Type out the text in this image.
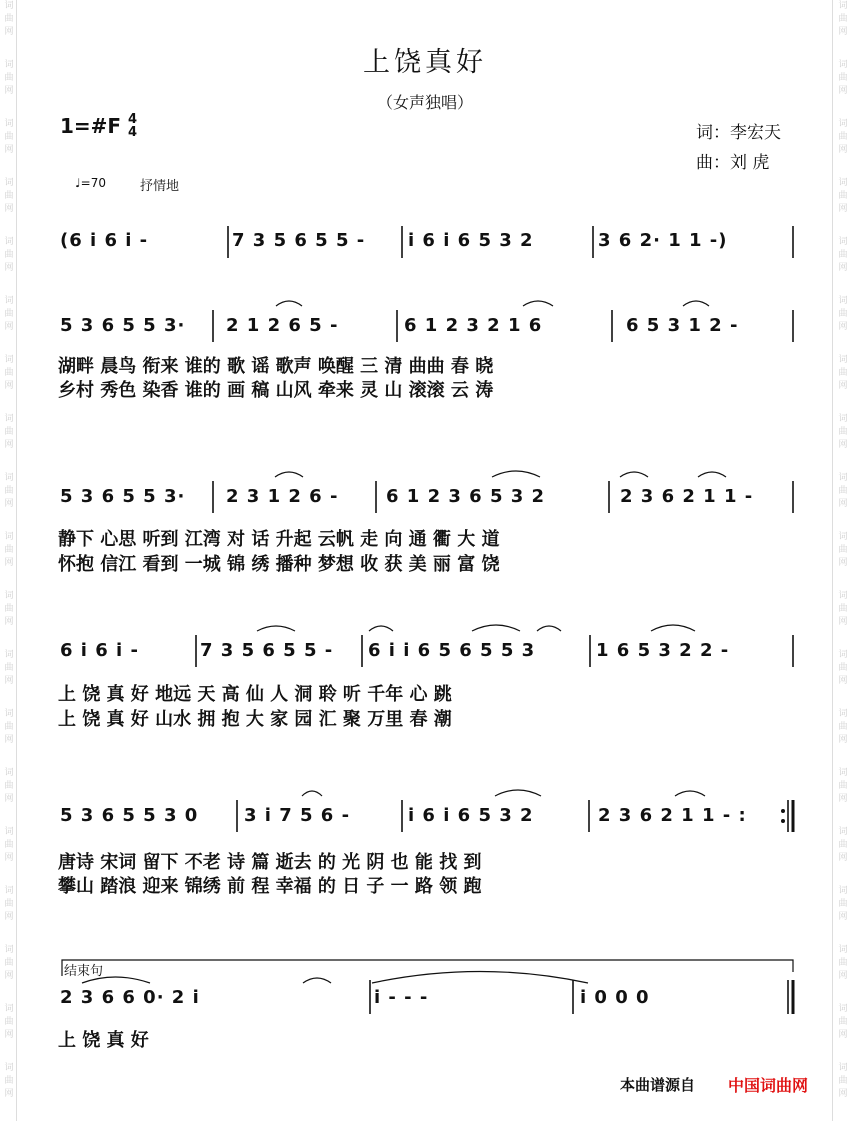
词
曲
网
词
曲
网
词
曲
网
词
曲
网
词
曲
网
词
曲
网
词
曲
网
词
曲
网
词
曲
网
词
曲
网
词
曲
网
词
曲
网
词
曲
网
词
曲
网
词
曲
网
词
曲
网
词
曲
网
词
曲
网
词
曲
网
词
曲
网
词
曲
网
词
曲
网
词
曲
网
词
曲
网
词
曲
网
词
曲
网
词
曲
网
词
曲
网
词
曲
网
词
曲
网
词
曲
网
词
曲
网
词
曲
网
词
曲
网
词
曲
网
词
曲
网
词
曲
网
词
曲
网
上饶真好
（女声独唱）
1=#F 4
4	词：李宏天
曲：刘 虎
♩=70	抒情地
(6 i 6 i -	7 3 5 6 5 5 - i 6 i 6 5 3 2	3 6 2· 1 1 -)
5 3 6 5 5 3· 2 1 2 6 5 -	6 1 2 3 2 1 6	6 5 3 1 2 -
湖畔 晨鸟 衔来 谁的 歌 谣 歌声 唤醒 三 清 曲曲 春 晓
乡村 秀色 染香 谁的 画 稿 山风 牵来 灵 山 滚滚 云 涛
5 3 6 5 5 3· 2 3 1 2 6 -	6 1 2 3 6 5 3 2	2 3 6 2 1 1 -
静下 心思 听到 江湾 对 话 升起 云帆 走 向 通 衢 大 道
怀抱 信江 看到 一城 锦 绣 播种 梦想 收 获 美 丽 富 饶
6 i 6 i -	7 3 5 6 5 5 - 6 i i 6 5 6 5 5 3	1 6 5 3 2 2 -
上 饶 真 好 地远 天 高 仙 人 洞 聆 听 千年 心 跳
上 饶 真 好 山水 拥 抱 大 家 园 汇 聚 万里 春 潮
5 3 6 5 5 3 0	3 i 7 5 6 -	i 6 i 6 5 3 2	2 3 6 2 1 1 - :
唐诗 宋词 留下 不老 诗 篇 逝去 的 光 阴 也 能 找 到
攀山 踏浪 迎来 锦绣 前 程 幸福 的 日 子 一 路 领 跑
结束句
2 3 6 6 0· 2 i	i - - -	i 0 0 0
上 饶 真 好
本曲谱源自 中国词曲网
